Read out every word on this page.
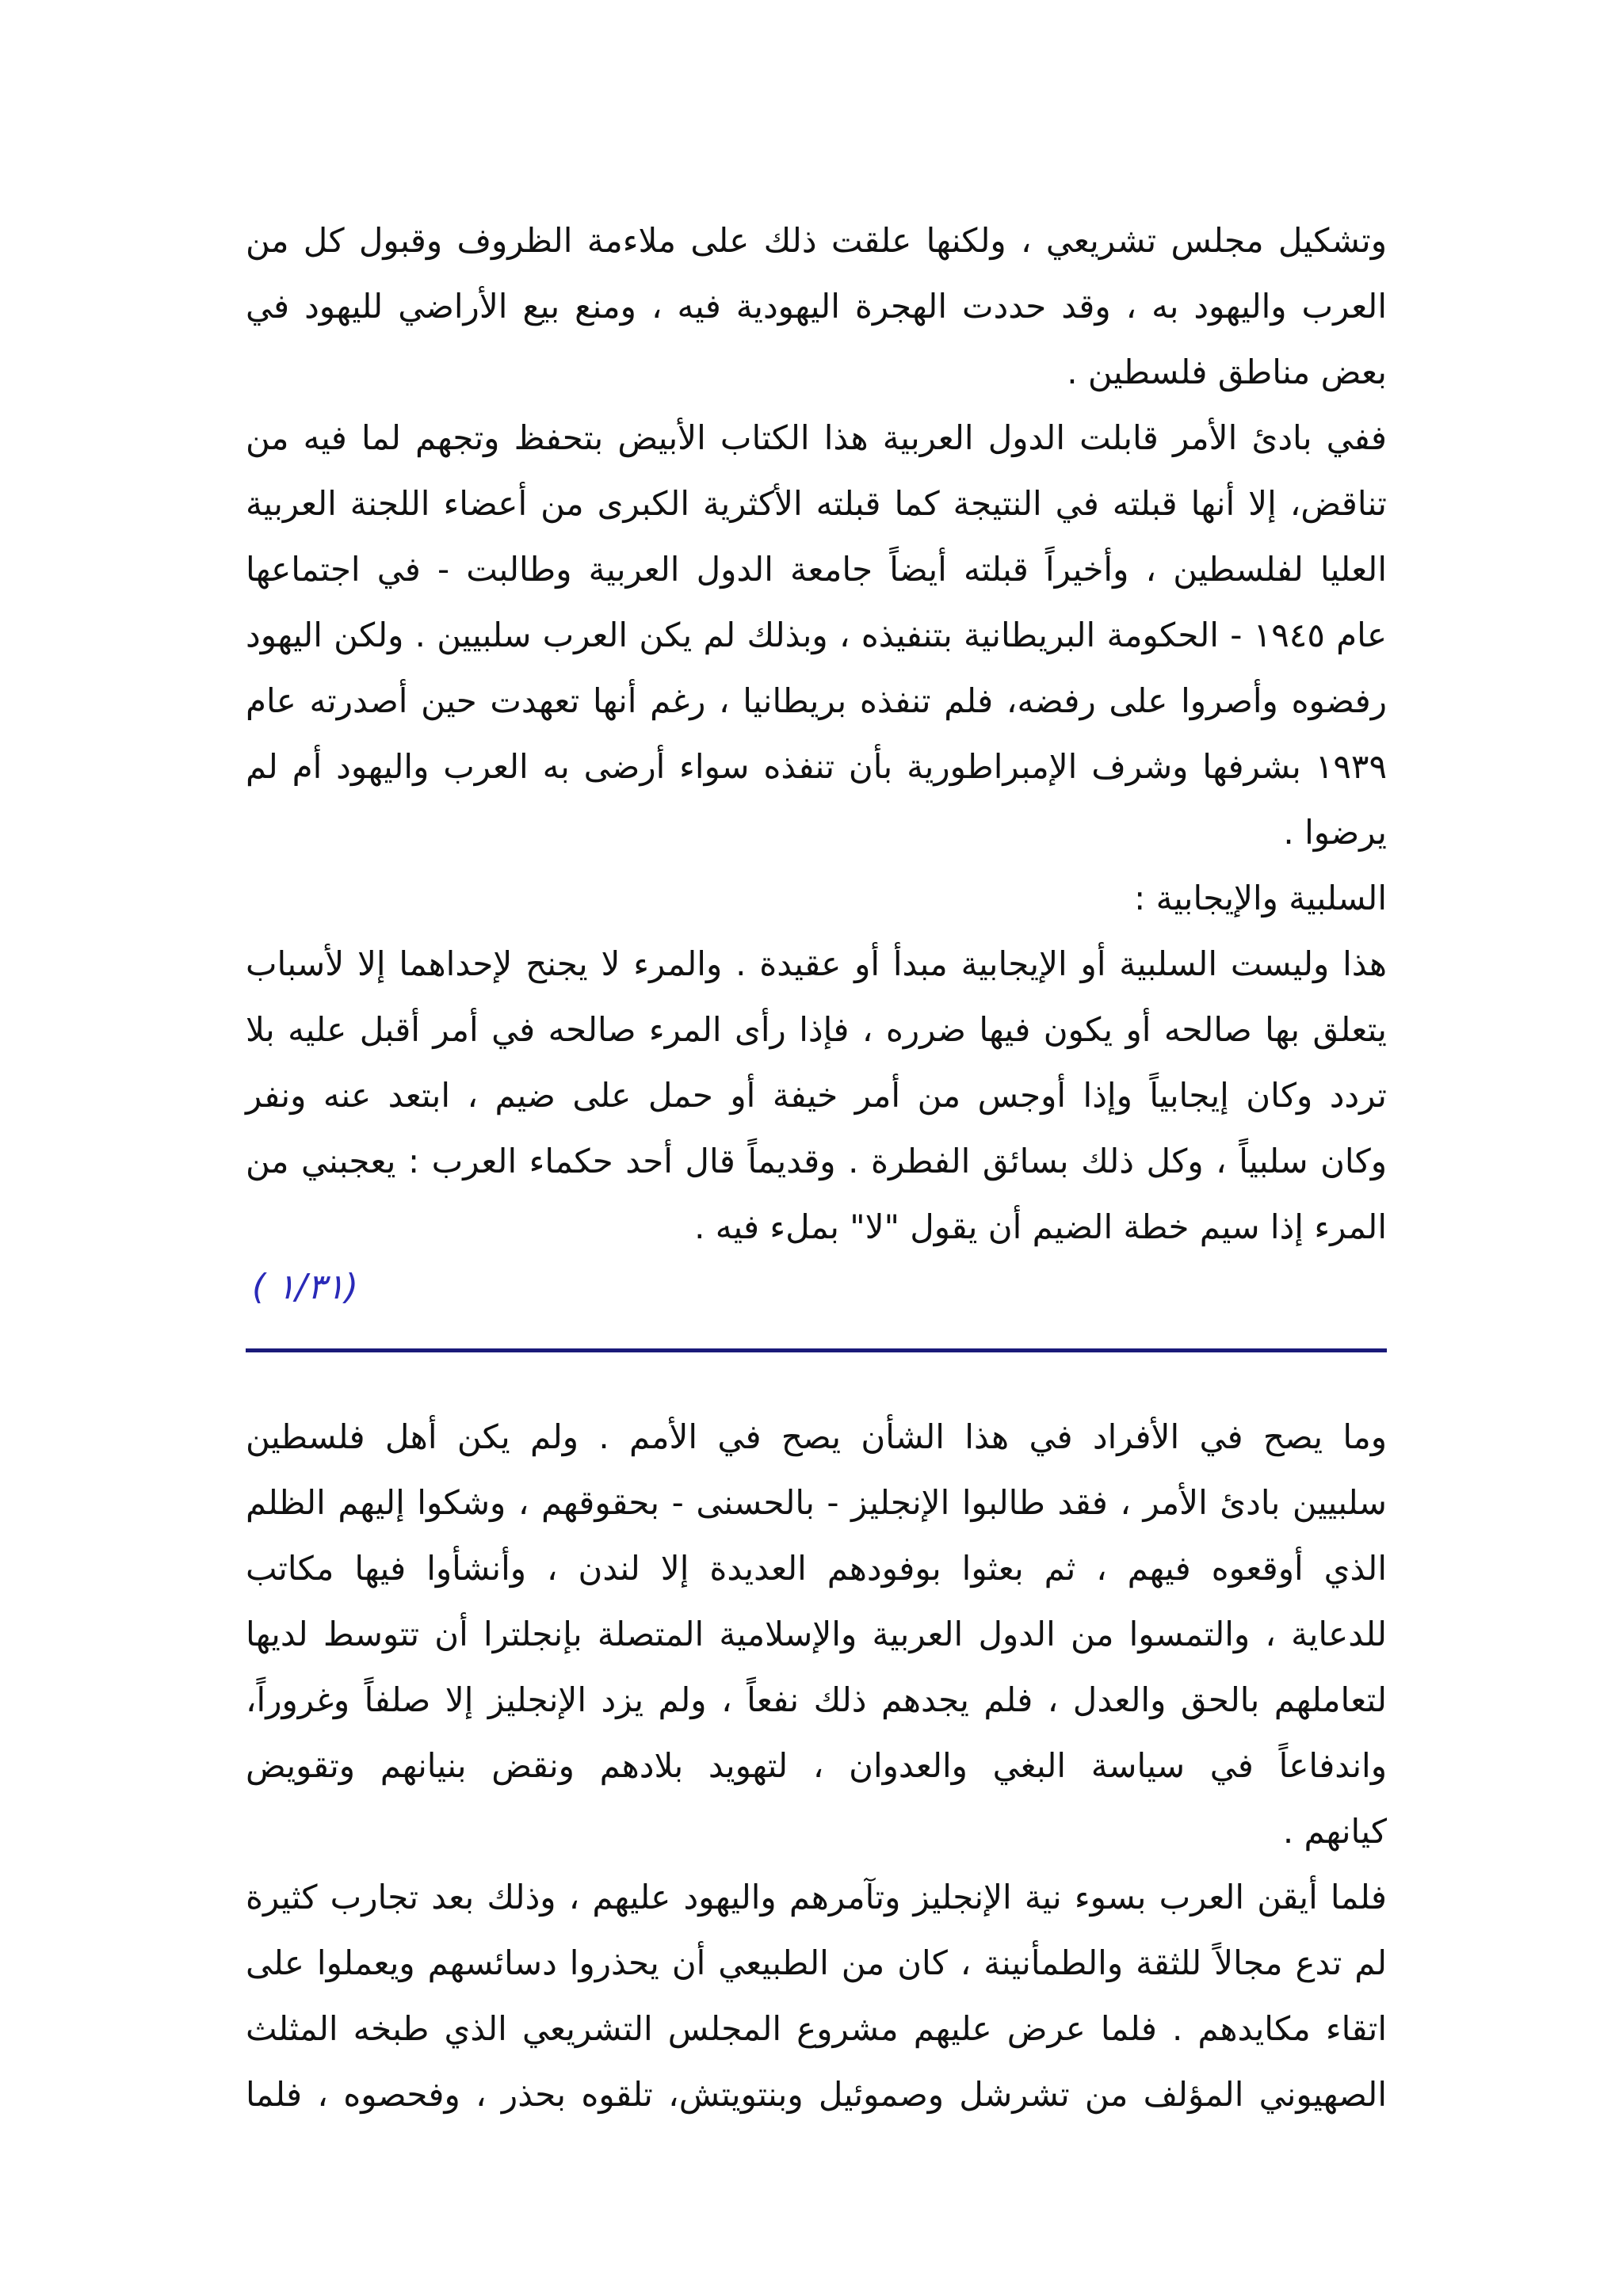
وتشكيل مجلس تشريعي ، ولكنها علقت ذلك على ملاءمة الظروف وقبول كل من
العرب واليهود به ، وقد حددت الهجرة اليهودية فيه ، ومنع بيع الأراضي لليهود في
بعض مناطق فلسطين .
ففي بادئ الأمر قابلت الدول العربية هذا الكتاب الأبيض بتحفظ وتجهم لما فيه من
تناقض، إلا أنها قبلته في النتيجة كما قبلته الأكثرية الكبرى من أعضاء اللجنة العربية
العليا لفلسطين ، وأخيراً قبلته أيضاً جامعة الدول العربية وطالبت - في اجتماعها
عام ١٩٤٥ - الحكومة البريطانية بتنفيذه ، وبذلك لم يكن العرب سلبيين . ولكن اليهود
رفضوه وأصروا على رفضه، فلم تنفذه بريطانيا ، رغم أنها تعهدت حين أصدرته عام
١٩٣٩ بشرفها وشرف الإمبراطورية بأن تنفذه سواء أرضى به العرب واليهود أم لم
يرضوا .
السلبية والإيجابية :
هذا وليست السلبية أو الإيجابية مبدأ أو عقيدة . والمرء لا يجنح لإحداهما إلا لأسباب
يتعلق بها صالحه أو يكون فيها ضرره ، فإذا رأى المرء صالحه في أمر أقبل عليه بلا
تردد وكان إيجابياً وإذا أوجس من أمر خيفة أو حمل على ضيم ، ابتعد عنه ونفر
وكان سلبياً ، وكل ذلك بسائق الفطرة . وقديماً قال أحد حكماء العرب : يعجبني من
المرء إذا سيم خطة الضيم أن يقول "لا" بملء فيه .
( ١/٣١)
وما يصح في الأفراد في هذا الشأن يصح في الأمم . ولم يكن أهل فلسطين
سلبيين بادئ الأمر ، فقد طالبوا الإنجليز - بالحسنى - بحقوقهم ، وشكوا إليهم الظلم
الذي أوقعوه فيهم ، ثم بعثوا بوفودهم العديدة إلا لندن ، وأنشأوا فيها مكاتب
للدعاية ، والتمسوا من الدول العربية والإسلامية المتصلة بإنجلترا أن تتوسط لديها
لتعاملهم بالحق والعدل ، فلم يجدهم ذلك نفعاً ، ولم يزد الإنجليز إلا صلفاً وغروراً،
واندفاعاً في سياسة البغي والعدوان ، لتهويد بلادهم ونقض بنيانهم وتقويض
كيانهم .
فلما أيقن العرب بسوء نية الإنجليز وتآمرهم واليهود عليهم ، وذلك بعد تجارب كثيرة
لم تدع مجالاً للثقة والطمأنينة ، كان من الطبيعي أن يحذروا دسائسهم ويعملوا على
اتقاء مكايدهم . فلما عرض عليهم مشروع المجلس التشريعي الذي طبخه المثلث
الصهيوني المؤلف من تشرشل وصموئيل وبنتويتش، تلقوه بحذر ، وفحصوه ، فلما
